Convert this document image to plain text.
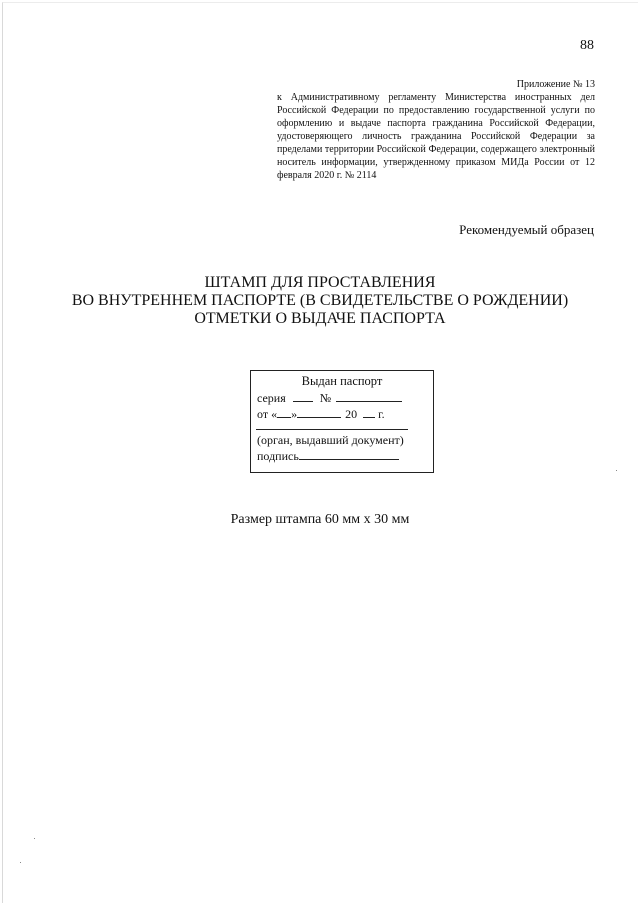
88
Приложение № 13
к Административному регламенту Министерства иностранных дел Российской Федерации по предоставлению государственной услуги по оформлению и выдаче паспорта гражданина Российской Федерации, удостоверяющего личность гражданина Российской Федерации за пределами территории Российской Федерации, содержащего электронный носитель информации, утвержденному приказом МИДа России от 12 февраля 2020 г. № 2114
Рекомендуемый образец
ШТАМП ДЛЯ ПРОСТАВЛЕНИЯ
ВО ВНУТРЕННЕМ ПАСПОРТЕ (В СВИДЕТЕЛЬСТВЕ О РОЖДЕНИИ)
ОТМЕТКИ О ВЫДАЧЕ ПАСПОРТА
Выдан паспорт
серия	№
от « »	20 г.
(орган, выдавший документ)
подпись
Размер штампа 60 мм х 30 мм
